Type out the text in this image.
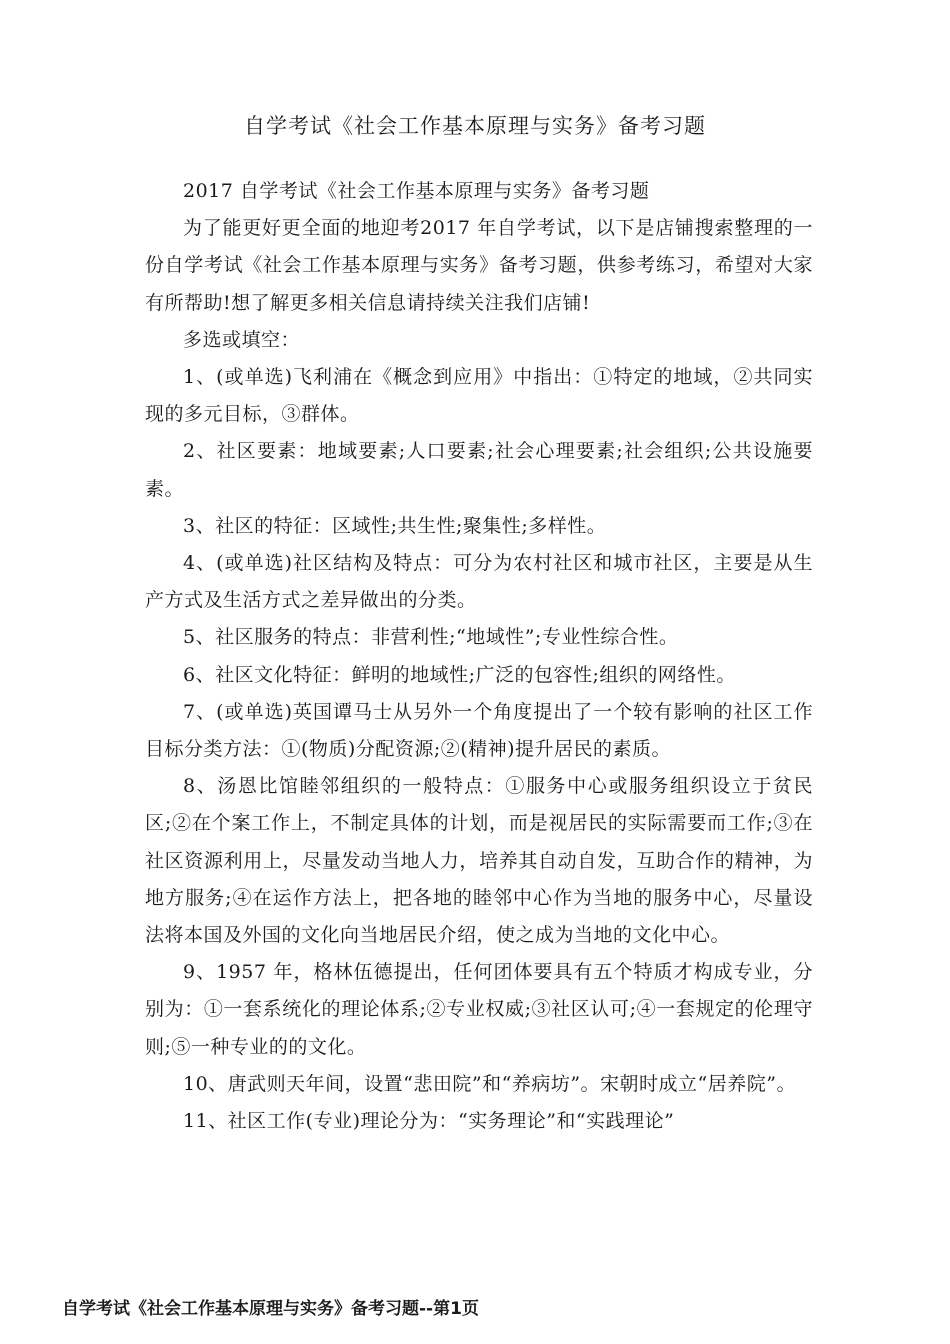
自学考试《社会工作基本原理与实务》备考习题

2017 自学考试《社会工作基本原理与实务》备考习题

为了能更好更全面的地迎考2017 年自学考试，以下是店铺搜索整理的一份自学考试《社会工作基本原理与实务》备考习题，供参考练习，希望对大家有所帮助!想了解更多相关信息请持续关注我们店铺!

多选或填空：

1、(或单选)飞利浦在《概念到应用》中指出：①特定的地域，②共同实现的多元目标，③群体。

2、社区要素：地域要素;人口要素;社会心理要素;社会组织;公共设施要素。

3、社区的特征：区域性;共生性;聚集性;多样性。

4、(或单选)社区结构及特点：可分为农村社区和城市社区，主要是从生产方式及生活方式之差异做出的分类。

5、社区服务的特点：非营利性;“地域性”;专业性综合性。

6、社区文化特征：鲜明的地域性;广泛的包容性;组织的网络性。

7、(或单选)英国谭马士从另外一个角度提出了一个较有影响的社区工作目标分类方法：①(物质)分配资源;②(精神)提升居民的素质。

8、汤恩比馆睦邻组织的一般特点：①服务中心或服务组织设立于贫民区;②在个案工作上，不制定具体的计划，而是视居民的实际需要而工作;③在社区资源利用上，尽量发动当地人力，培养其自动自发，互助合作的精神，为地方服务;④在运作方法上，把各地的睦邻中心作为当地的服务中心，尽量设法将本国及外国的文化向当地居民介绍，使之成为当地的文化中心。

9、1957 年，格林伍德提出，任何团体要具有五个特质才构成专业，分别为：①一套系统化的理论体系;②专业权威;③社区认可;④一套规定的伦理守则;⑤一种专业的的文化。

10、唐武则天年间，设置“悲田院”和“养病坊”。宋朝时成立“居养院”。

11、社区工作(专业)理论分为：“实务理论”和“实践理论”

自学考试《社会工作基本原理与实务》备考习题--第1页
